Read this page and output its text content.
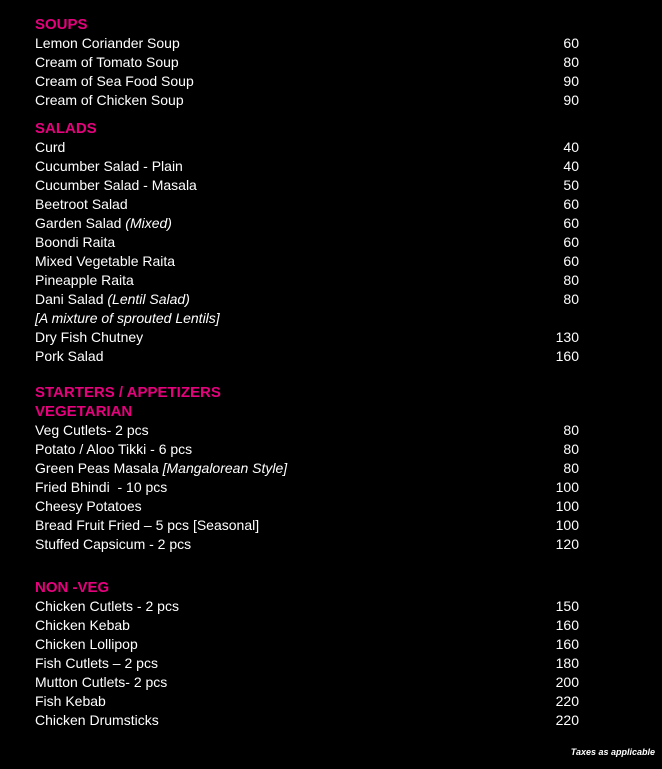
SOUPS
Lemon Coriander Soup	60
Cream of Tomato Soup	80
Cream of Sea Food Soup	90
Cream of Chicken Soup	90
SALADS
Curd	40
Cucumber Salad - Plain	40
Cucumber Salad - Masala	50
Beetroot Salad	60
Garden Salad (Mixed)	60
Boondi Raita	60
Mixed Vegetable Raita	60
Pineapple Raita	80
Dani Salad (Lentil Salad)	80
[A mixture of sprouted Lentils]
Dry Fish Chutney	130
Pork Salad	160
STARTERS / APPETIZERS
VEGETARIAN
Veg Cutlets- 2 pcs	80
Potato / Aloo Tikki - 6 pcs	80
Green Peas Masala [Mangalorean Style]	80
Fried Bhindi  - 10 pcs	100
Cheesy Potatoes	100
Bread Fruit Fried – 5 pcs [Seasonal]	100
Stuffed Capsicum - 2 pcs	120
NON -VEG
Chicken Cutlets - 2 pcs	150
Chicken Kebab	160
Chicken Lollipop	160
Fish Cutlets – 2 pcs	180
Mutton Cutlets- 2 pcs	200
Fish Kebab	220
Chicken Drumsticks	220
Taxes as applicable
